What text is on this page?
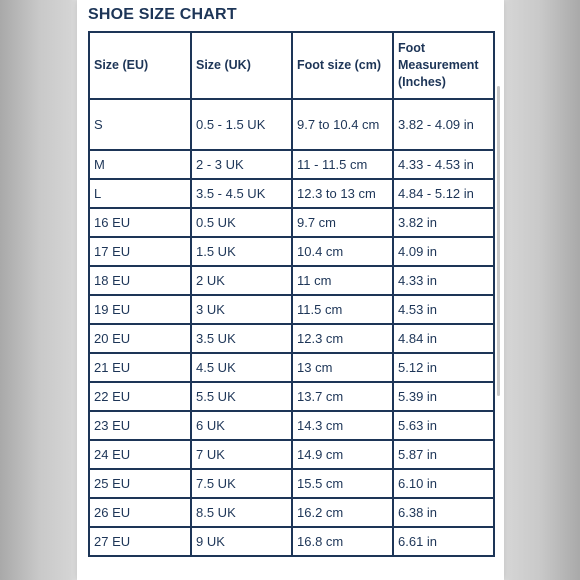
SHOE SIZE CHART
Size (EU)	Size (UK)	Foot size (cm)	Foot Measurement (Inches)
S	0.5 - 1.5 UK	9.7 to 10.4 cm	3.82 - 4.09 in
M	2 - 3 UK	11 - 11.5 cm	4.33 - 4.53 in
L	3.5 - 4.5 UK	12.3 to 13 cm	4.84 - 5.12 in
16 EU	0.5 UK	9.7 cm	3.82 in
17 EU	1.5 UK	10.4 cm	4.09 in
18 EU	2 UK	11 cm	4.33 in
19 EU	3 UK	11.5 cm	4.53 in
20 EU	3.5 UK	12.3 cm	4.84 in
21 EU	4.5 UK	13 cm	5.12 in
22 EU	5.5 UK	13.7 cm	5.39 in
23 EU	6 UK	14.3 cm	5.63 in
24 EU	7 UK	14.9 cm	5.87 in
25 EU	7.5 UK	15.5 cm	6.10 in
26 EU	8.5 UK	16.2 cm	6.38 in
27 EU	9 UK	16.8 cm	6.61 in
